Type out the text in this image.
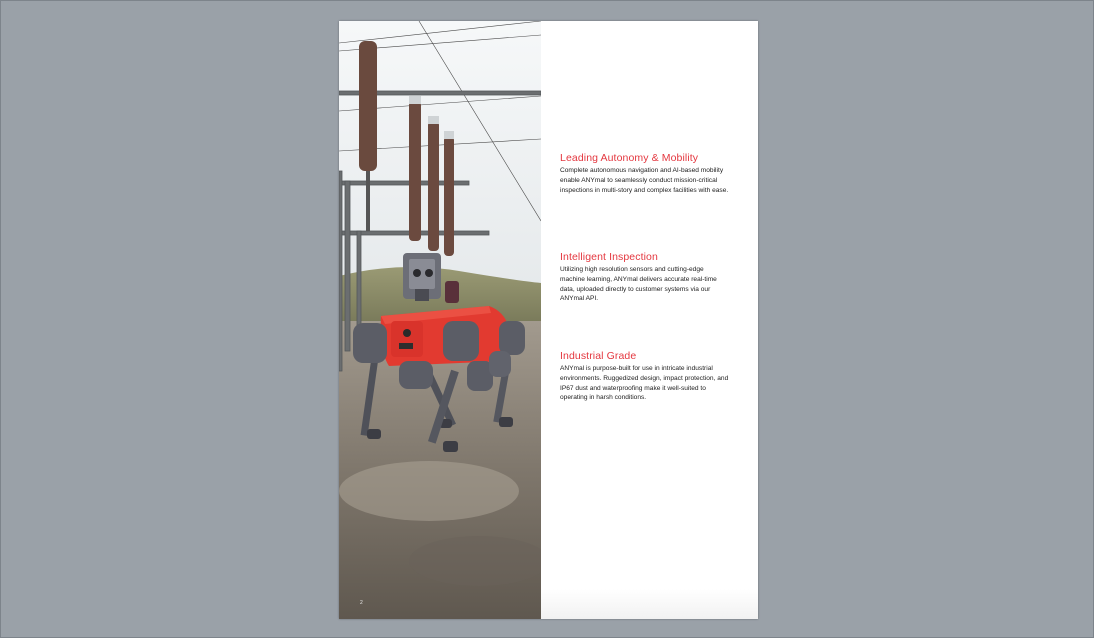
2
Leading Autonomy & Mobility

Complete autonomous navigation and AI-based mobility enable ANYmal to seamlessly conduct mission-critical inspections in multi-story and complex facilities with ease.

Intelligent Inspection

Utilizing high resolution sensors and cutting-edge machine learning, ANYmal delivers accurate real-time data, uploaded directly to customer systems via our ANYmal API.

Industrial Grade

ANYmal is purpose-built for use in intricate industrial environments. Ruggedized design, impact protection, and IP67 dust and waterproofing make it well-suited to operating in harsh conditions.
